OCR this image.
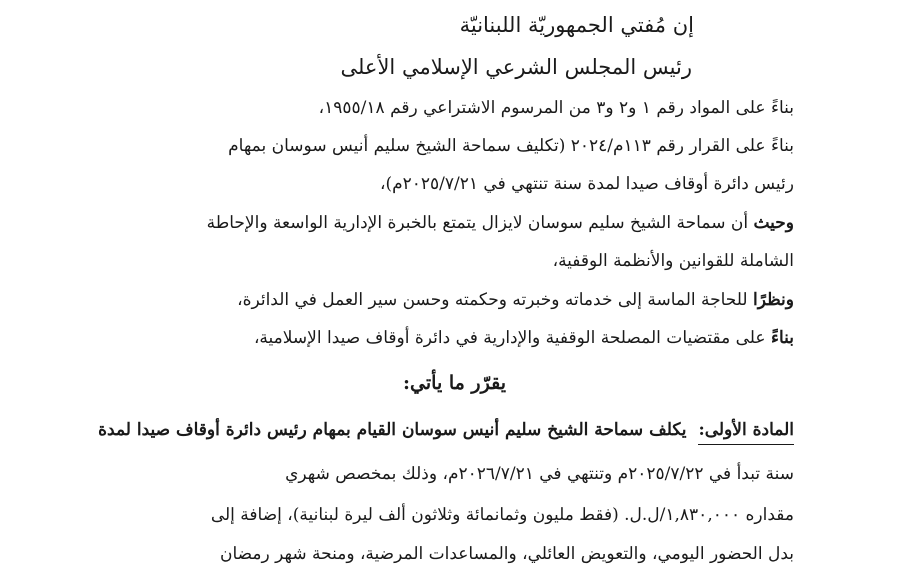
إن مُفتي الجمهوريّة اللبنانيّة
رئيس المجلس الشرعي الإسلامي الأعلى
بناءً على المواد رقم ١ و٢ و٣ من المرسوم الاشتراعي رقم ١٩٥٥/١٨،
بناءً على القرار رقم ١١٣م/٢٠٢٤ (تكليف سماحة الشيخ سليم أنيس سوسان بمهام
رئيس دائرة أوقاف صيدا لمدة سنة تنتهي في ٢٠٢٥/٧/٢١م)،
وحيث أن سماحة الشيخ سليم سوسان لايزال يتمتع بالخبرة الإدارية الواسعة والإحاطة
الشاملة للقوانين والأنظمة الوقفية،
ونظرًا للحاجة الماسة إلى خدماته وخبرته وحكمته وحسن سير العمل في الدائرة،
بناءً على مقتضيات المصلحة الوقفية والإدارية في دائرة أوقاف صيدا الإسلامية،
يقرّر ما يأتي:
المادة الأولى:يكلف سماحة الشيخ سليم أنيس سوسان القيام بمهام رئيس دائرة أوقاف صيدا لمدة
سنة تبدأ في ٢٠٢٥/٧/٢٢م وتنتهي في ٢٠٢٦/٧/٢١م، وذلك بمخصص شهري
مقداره ١,٨٣٠,٠٠٠/ل.ل. (فقط مليون وثمانمائة وثلاثون ألف ليرة لبنانية)، إضافة إلى
بدل الحضور اليومي، والتعويض العائلي، والمساعدات المرضية، ومنحة شهر رمضان
